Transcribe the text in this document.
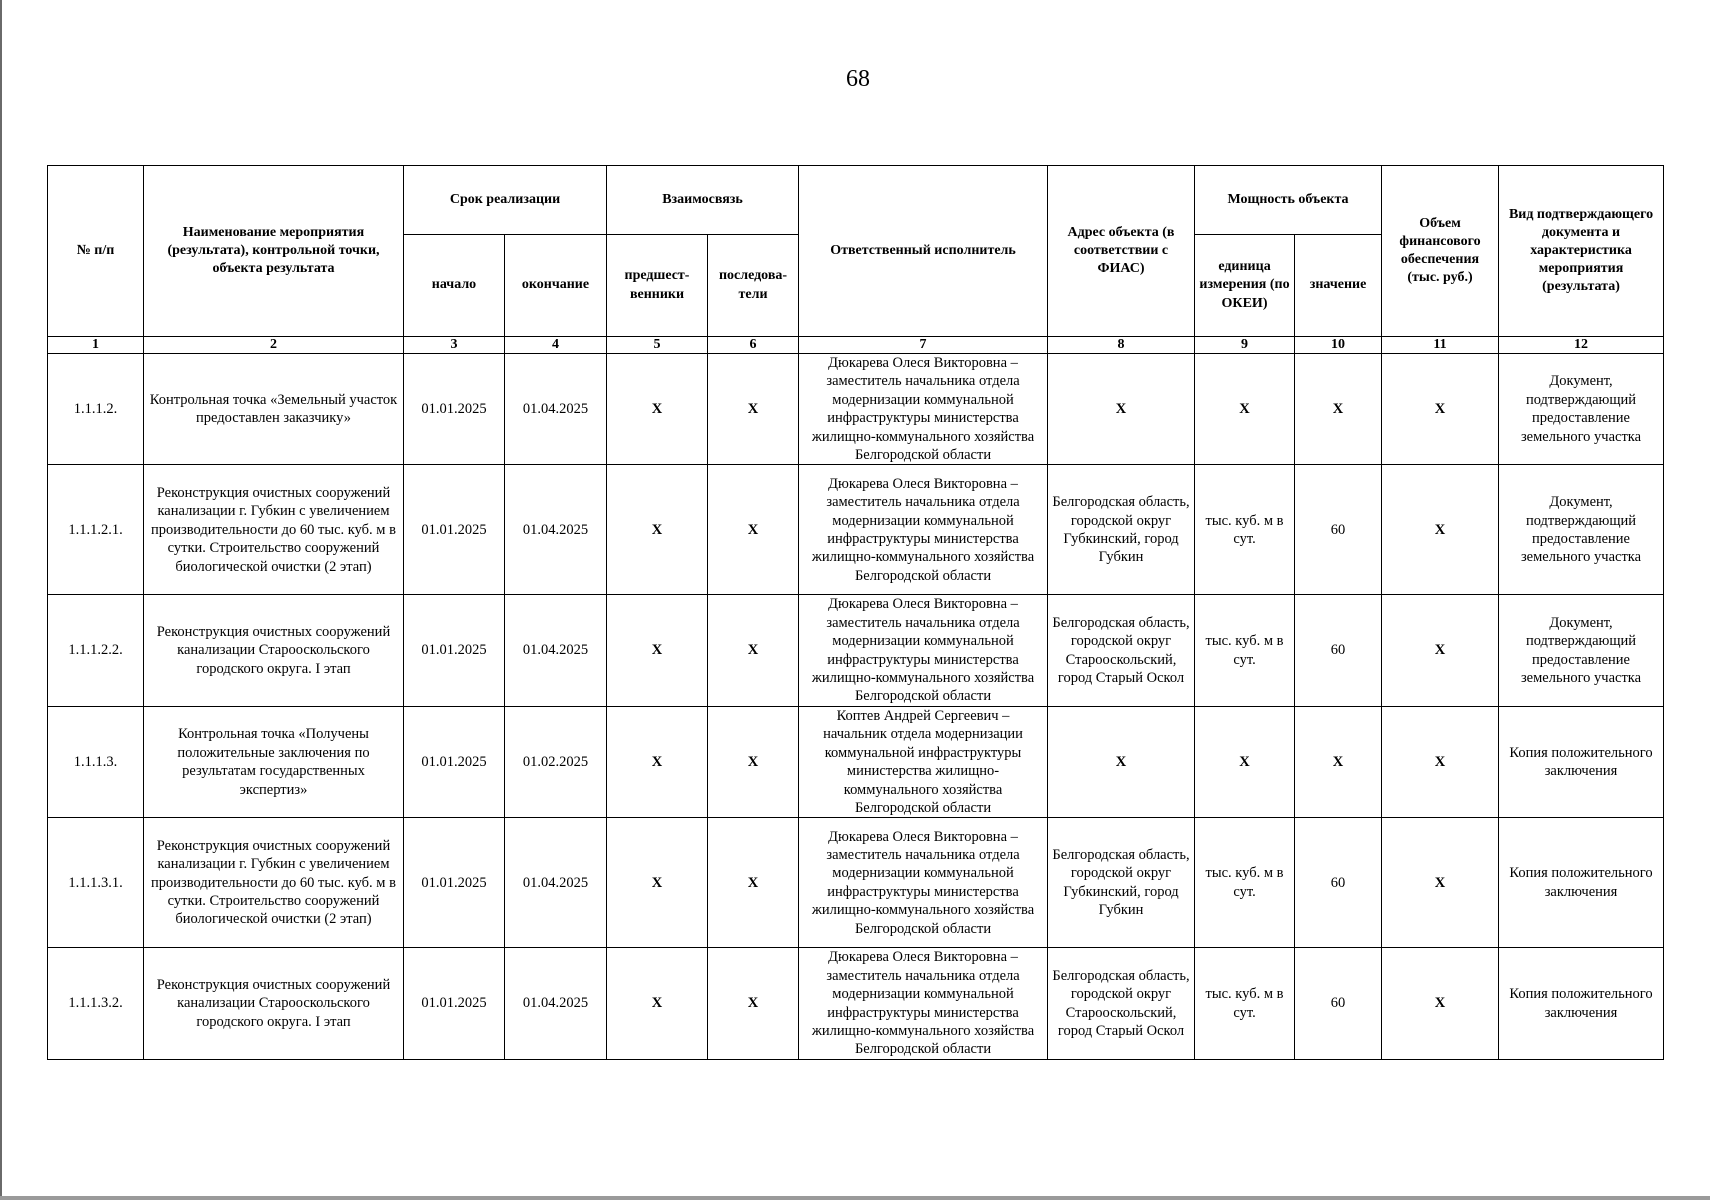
68
№ п/п	Наименование мероприятия (результата), контрольной точки, объекта результата	Срок реализации		Взаимосвязь		Ответственный исполнитель	Адрес объекта (в соответствии с ФИАС)	Мощность объекта		Объем финансового обеспечения (тыс. руб.)	Вид подтверждающего документа и характеристика мероприятия (результата)
		начало	окончание	предшест-венники	последова-тели			единица измерения (по ОКЕИ)	значение		
1	2	3	4	5	6	7	8	9	10	11	12
1.1.1.2.	Контрольная точка «Земельный участок предоставлен заказчику»	01.01.2025	01.04.2025	Х	Х	Дюкарева Олеся Викторовна – заместитель начальника отдела модернизации коммунальной инфраструктуры министерства жилищно-коммунального хозяйства Белгородской области	Х	Х	Х	Х	Документ, подтверждающий предоставление земельного участка
1.1.1.2.1.	Реконструкция очистных сооружений канализации г. Губкин с увеличением производительности до 60 тыс. куб. м в сутки. Строительство сооружений биологической очистки (2 этап)	01.01.2025	01.04.2025	Х	Х	Дюкарева Олеся Викторовна – заместитель начальника отдела модернизации коммунальной инфраструктуры министерства жилищно-коммунального хозяйства Белгородской области	Белгородская область, городской округ Губкинский, город Губкин	тыс. куб. м в сут.	60	Х	Документ, подтверждающий предоставление земельного участка
1.1.1.2.2.	Реконструкция очистных сооружений канализации Старооскольского городского округа. I этап	01.01.2025	01.04.2025	Х	Х	Дюкарева Олеся Викторовна – заместитель начальника отдела модернизации коммунальной инфраструктуры министерства жилищно-коммунального хозяйства Белгородской области	Белгородская область, городской округ Старооскольский, город Старый Оскол	тыс. куб. м в сут.	60	Х	Документ, подтверждающий предоставление земельного участка
1.1.1.3.	Контрольная точка «Получены положительные заключения по результатам государственных экспертиз»	01.01.2025	01.02.2025	Х	Х	Коптев Андрей Сергеевич – начальник отдела модернизации коммунальной инфраструктуры министерства жилищно-коммунального хозяйства Белгородской области	Х	Х	Х	Х	Копия положительного заключения
1.1.1.3.1.	Реконструкция очистных сооружений канализации г. Губкин с увеличением производительности до 60 тыс. куб. м в сутки. Строительство сооружений биологической очистки (2 этап)	01.01.2025	01.04.2025	Х	Х	Дюкарева Олеся Викторовна – заместитель начальника отдела модернизации коммунальной инфраструктуры министерства жилищно-коммунального хозяйства Белгородской области	Белгородская область, городской округ Губкинский, город Губкин	тыс. куб. м в сут.	60	Х	Копия положительного заключения
1.1.1.3.2.	Реконструкция очистных сооружений канализации Старооскольского городского округа. I этап	01.01.2025	01.04.2025	Х	Х	Дюкарева Олеся Викторовна – заместитель начальника отдела модернизации коммунальной инфраструктуры министерства жилищно-коммунального хозяйства Белгородской области	Белгородская область, городской округ Старооскольский, город Старый Оскол	тыс. куб. м в сут.	60	Х	Копия положительного заключения
